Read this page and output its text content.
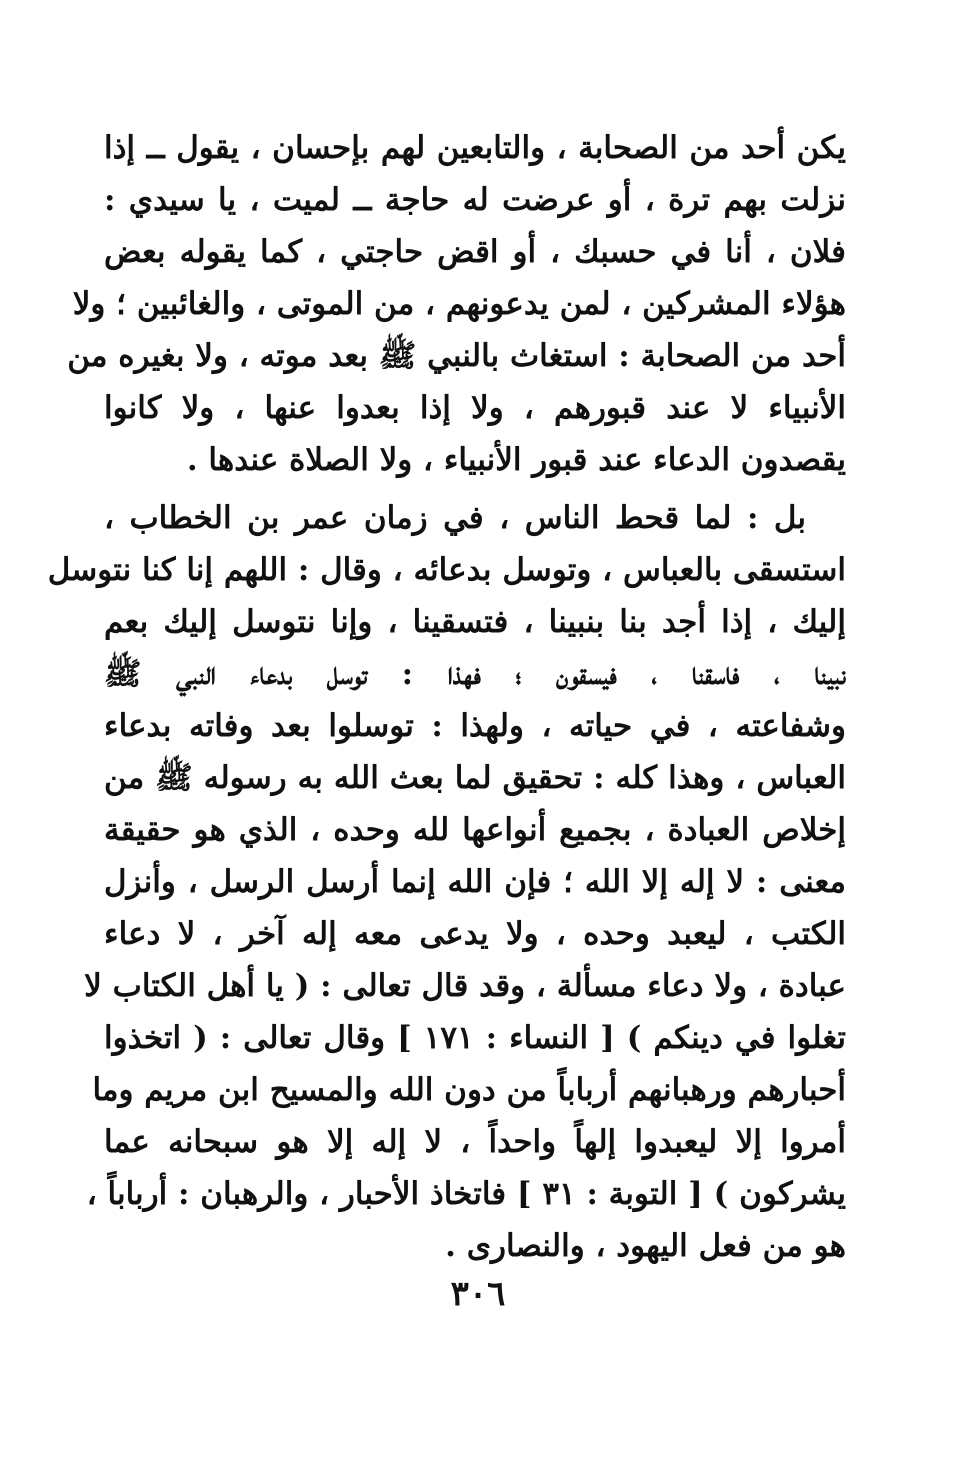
يكن أحد من الصحابة ، والتابعين لهم بإحسان ، يقول ــ إذا
نزلت بهم ترة ، أو عرضت له حاجة ــ لميت ، يا سيدي :
فلان ، أنا في حسبك ، أو اقض حاجتي ، كما يقوله بعض
هؤلاء المشركين ، لمن يدعونهم ، من الموتى ، والغائبين ؛ ولا
أحد من الصحابة : استغاث بالنبي ﷺ بعد موته ، ولا بغيره من
الأنبياء لا عند قبورهم ، ولا إذا بعدوا عنها ، ولا كانوا
يقصدون الدعاء عند قبور الأنبياء ، ولا الصلاة عندها .
بل : لما قحط الناس ، في زمان عمر بن الخطاب ،
استسقى بالعباس ، وتوسل بدعائه ، وقال : اللهم إنا كنا نتوسل
إليك ، إذا أجد بنا بنبينا ، فتسقينا ، وإنا نتوسل إليك بعم
نبينا ، فاسقنا ، فيسقون ؛ فهذا : توسل بدعاء النبي ﷺ
وشفاعته ، في حياته ، ولهذا : توسلوا بعد وفاته بدعاء
العباس ، وهذا كله : تحقيق لما بعث الله به رسوله ﷺ من
إخلاص العبادة ، بجميع أنواعها لله وحده ، الذي هو حقيقة
معنى : لا إله إلا الله ؛ فإن الله إنما أرسل الرسل ، وأنزل
الكتب ، ليعبد وحده ، ولا يدعى معه إله آخر ، لا دعاء
عبادة ، ولا دعاء مسألة ، وقد قال تعالى : ( يا أهل الكتاب لا
تغلوا في دينكم ) [ النساء : ١٧١ ] وقال تعالى : ( اتخذوا
أحبارهم ورهبانهم أرباباً من دون الله والمسيح ابن مريم وما
أمروا إلا ليعبدوا إلهاً واحداً ، لا إله إلا هو سبحانه عما
يشركون ) [ التوبة : ٣١ ] فاتخاذ الأحبار ، والرهبان : أرباباً ،
هو من فعل اليهود ، والنصارى .
٣٠٦
